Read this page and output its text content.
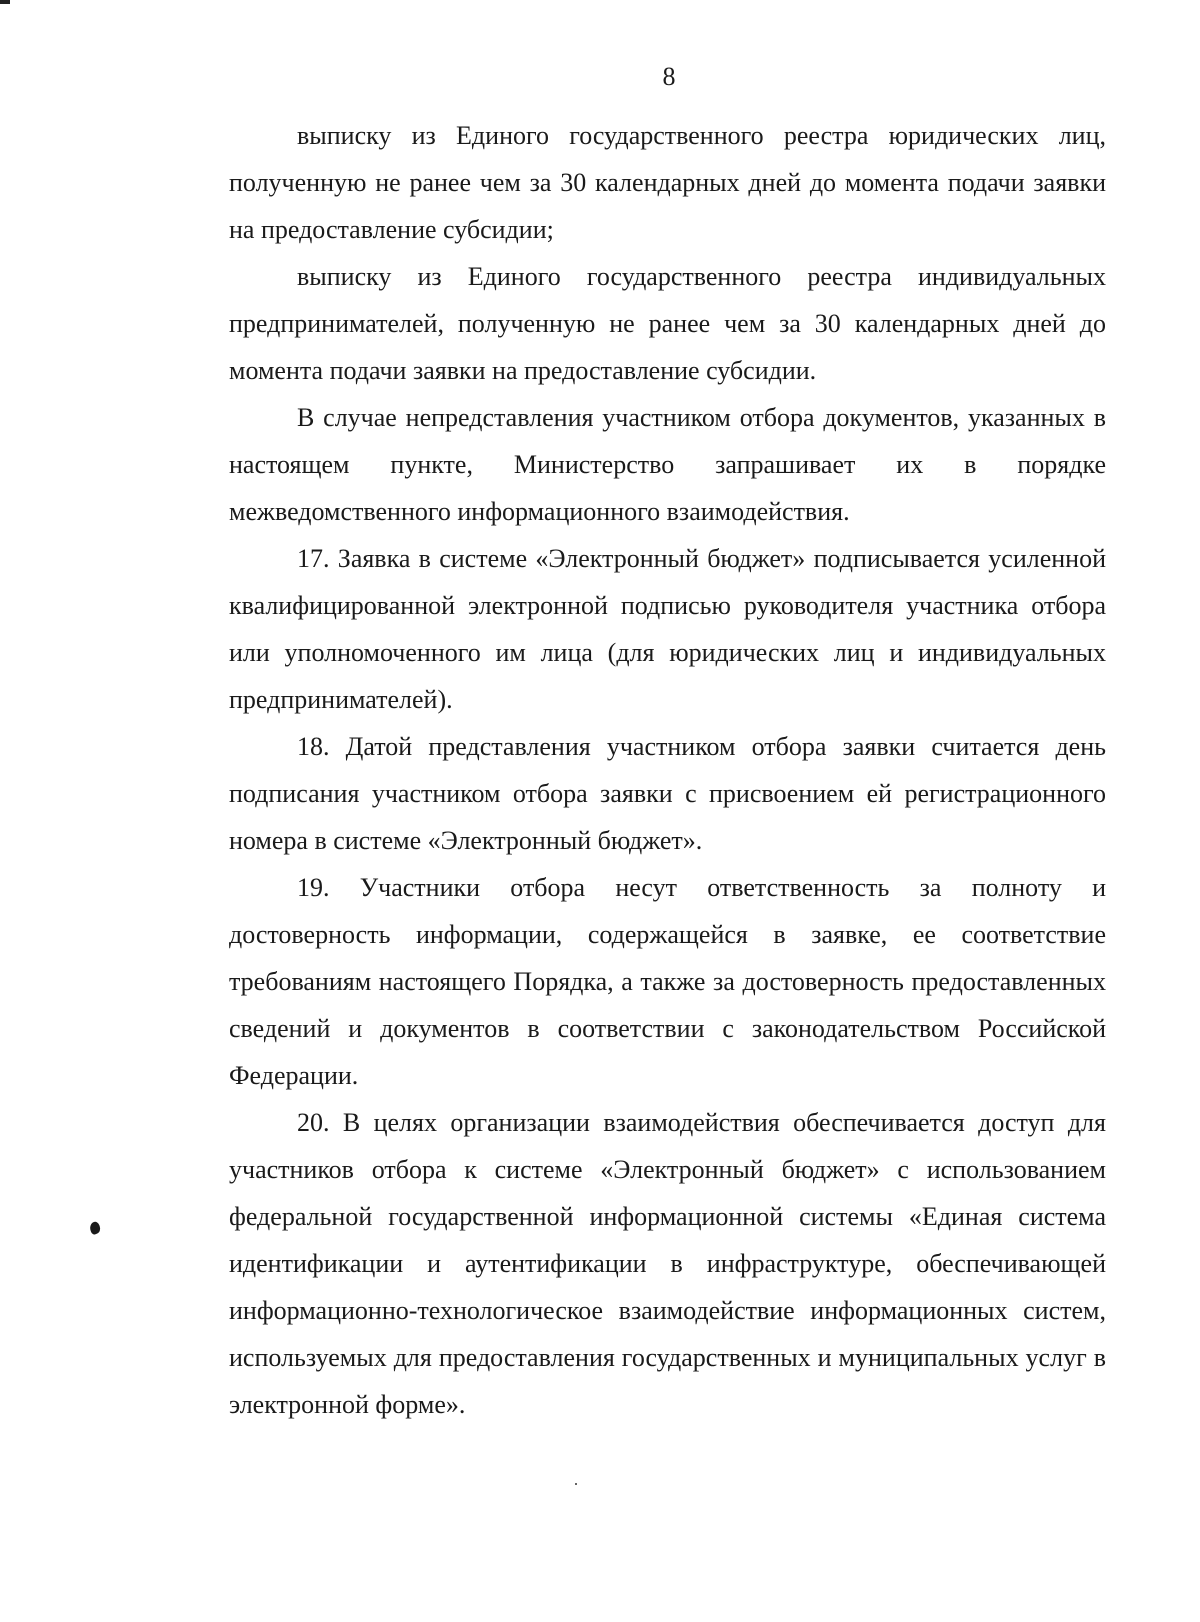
8

выписку из Единого государственного реестра юридических лиц, полученную не ранее чем за 30 календарных дней до момента подачи заявки на предоставление субсидии;

выписку из Единого государственного реестра индивидуальных предпринимателей, полученную не ранее чем за 30 календарных дней до момента подачи заявки на предоставление субсидии.

В случае непредставления участником отбора документов, указанных в настоящем пункте, Министерство запрашивает их в порядке межведомственного информационного взаимодействия.

17. Заявка в системе «Электронный бюджет» подписывается усиленной квалифицированной электронной подписью руководителя участника отбора или уполномоченного им лица (для юридических лиц и индивидуальных предпринимателей).

18. Датой представления участником отбора заявки считается день подписания участником отбора заявки с присвоением ей регистрационного номера в системе «Электронный бюджет».

19. Участники отбора несут ответственность за полноту и достоверность информации, содержащейся в заявке, ее соответствие требованиям настоящего Порядка, а также за достоверность предоставленных сведений и документов в соответствии с законодательством Российской Федерации.

20. В целях организации взаимодействия обеспечивается доступ для участников отбора к системе «Электронный бюджет» с использованием федеральной государственной информационной системы «Единая система идентификации и аутентификации в инфраструктуре, обеспечивающей информационно-технологическое взаимодействие информационных систем, используемых для предоставления государственных и муниципальных услуг в электронной форме».
